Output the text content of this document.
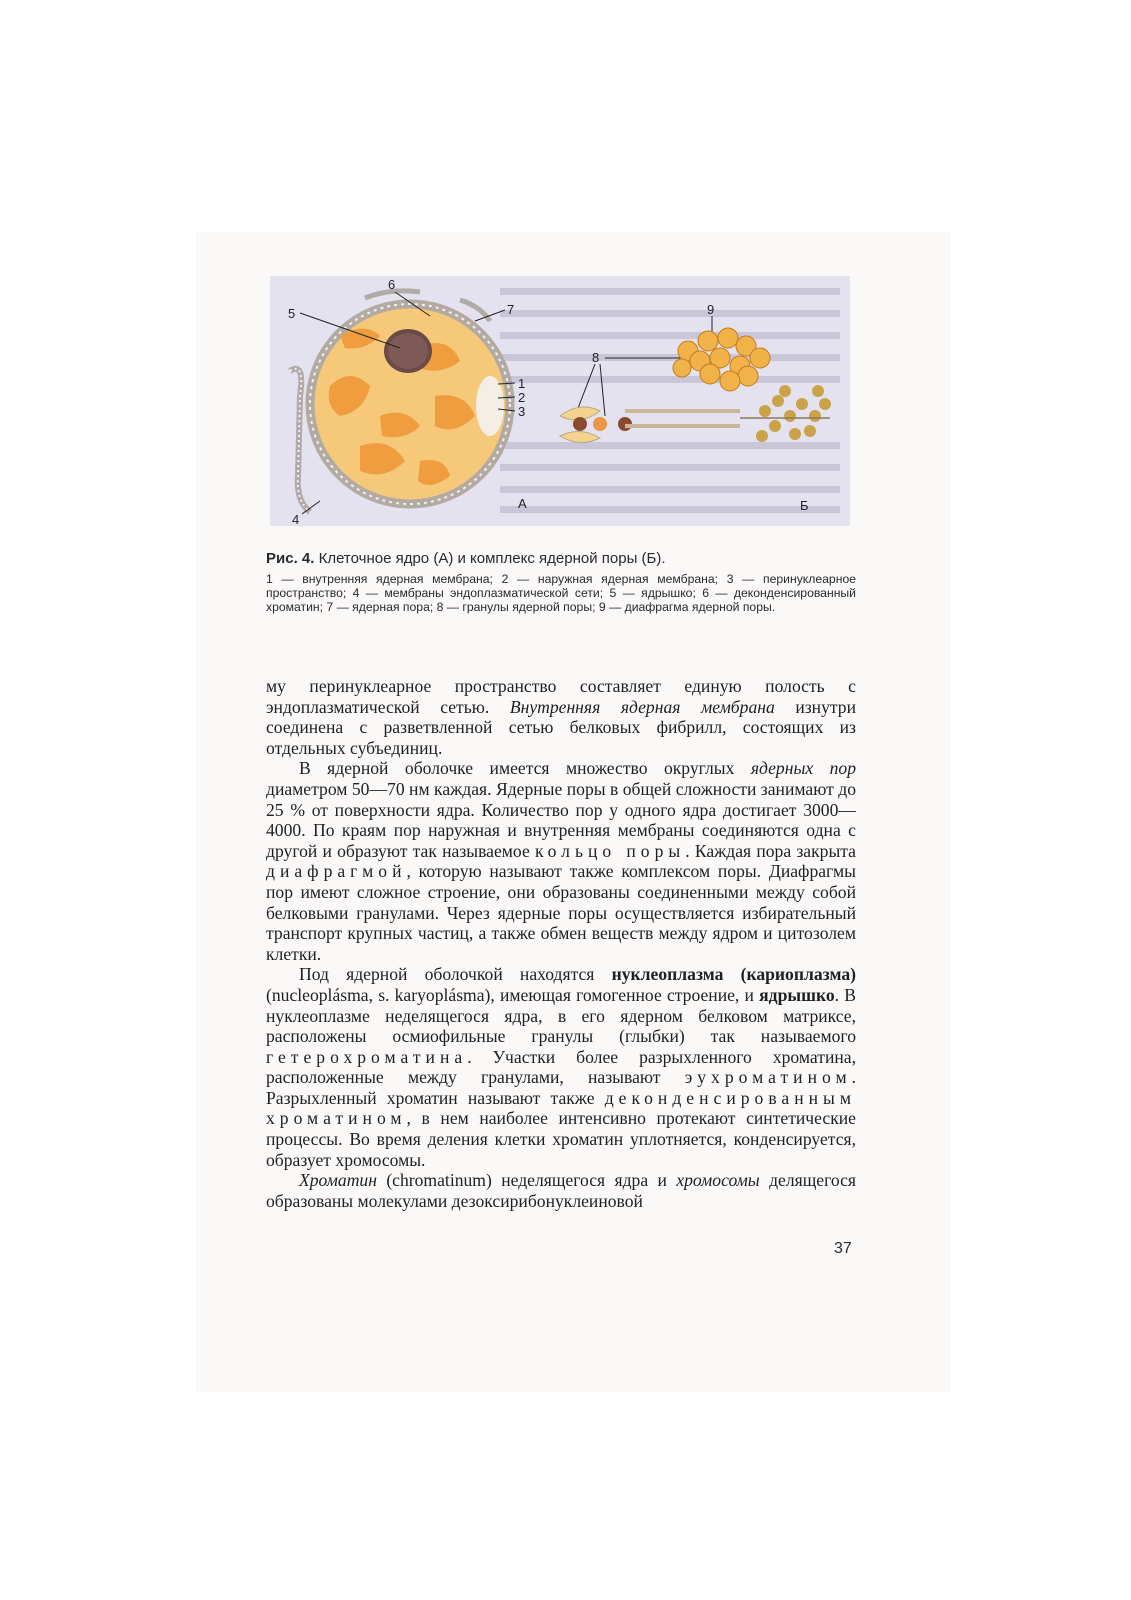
6
5	7
1
2
3
4
А
8
9
Б

Рис. 4. Клеточное ядро (А) и комплекс ядерной поры (Б).

1 — внутренняя ядерная мембрана; 2 — наружная ядерная мембрана; 3 — перинуклеарное пространство; 4 — мембраны эндоплазматической сети; 5 — ядрышко; 6 — деконденсированный хроматин; 7 — ядерная пора; 8 — гранулы ядерной поры; 9 — диафрагма ядерной поры.

му перинуклеарное пространство составляет единую полость с эндоплазматической сетью. Внутренняя ядерная мембрана изнутри соединена с разветвленной сетью белковых фибрилл, состоящих из отдельных субъединиц.

В ядерной оболочке имеется множество округлых ядерных пор диаметром 50—70 нм каждая. Ядерные поры в общей сложности занимают до 25 % от поверхности ядра. Количество пор у одного ядра достигает 3000—4000. По краям пор наружная и внутренняя мембраны соединяются одна с другой и образуют так называемое кольцо поры. Каждая пора закрыта диафрагмой, которую называют также комплексом поры. Диафрагмы пор имеют сложное строение, они образованы соединенными между собой белковыми гранулами. Через ядерные поры осуществляется избирательный транспорт крупных частиц, а также обмен веществ между ядром и цитозолем клетки.

Под ядерной оболочкой находятся нуклеоплазма (кариоплазма) (nucleoplásma, s. karyoplásma), имеющая гомогенное строение, и ядрышко. В нуклеоплазме неделящегося ядра, в его ядерном белковом матриксе, расположены осмиофильные гранулы (глыбки) так называемого гетерохроматина. Участки более разрыхленного хроматина, расположенные между гранулами, называют эухроматином. Разрыхленный хроматин называют также деконденсированным хроматином, в нем наиболее интенсивно протекают синтетические процессы. Во время деления клетки хроматин уплотняется, конденсируется, образует хромосомы.

Хроматин (chromatinum) неделящегося ядра и хромосомы делящегося образованы молекулами дезоксирибонуклеиновой

37
